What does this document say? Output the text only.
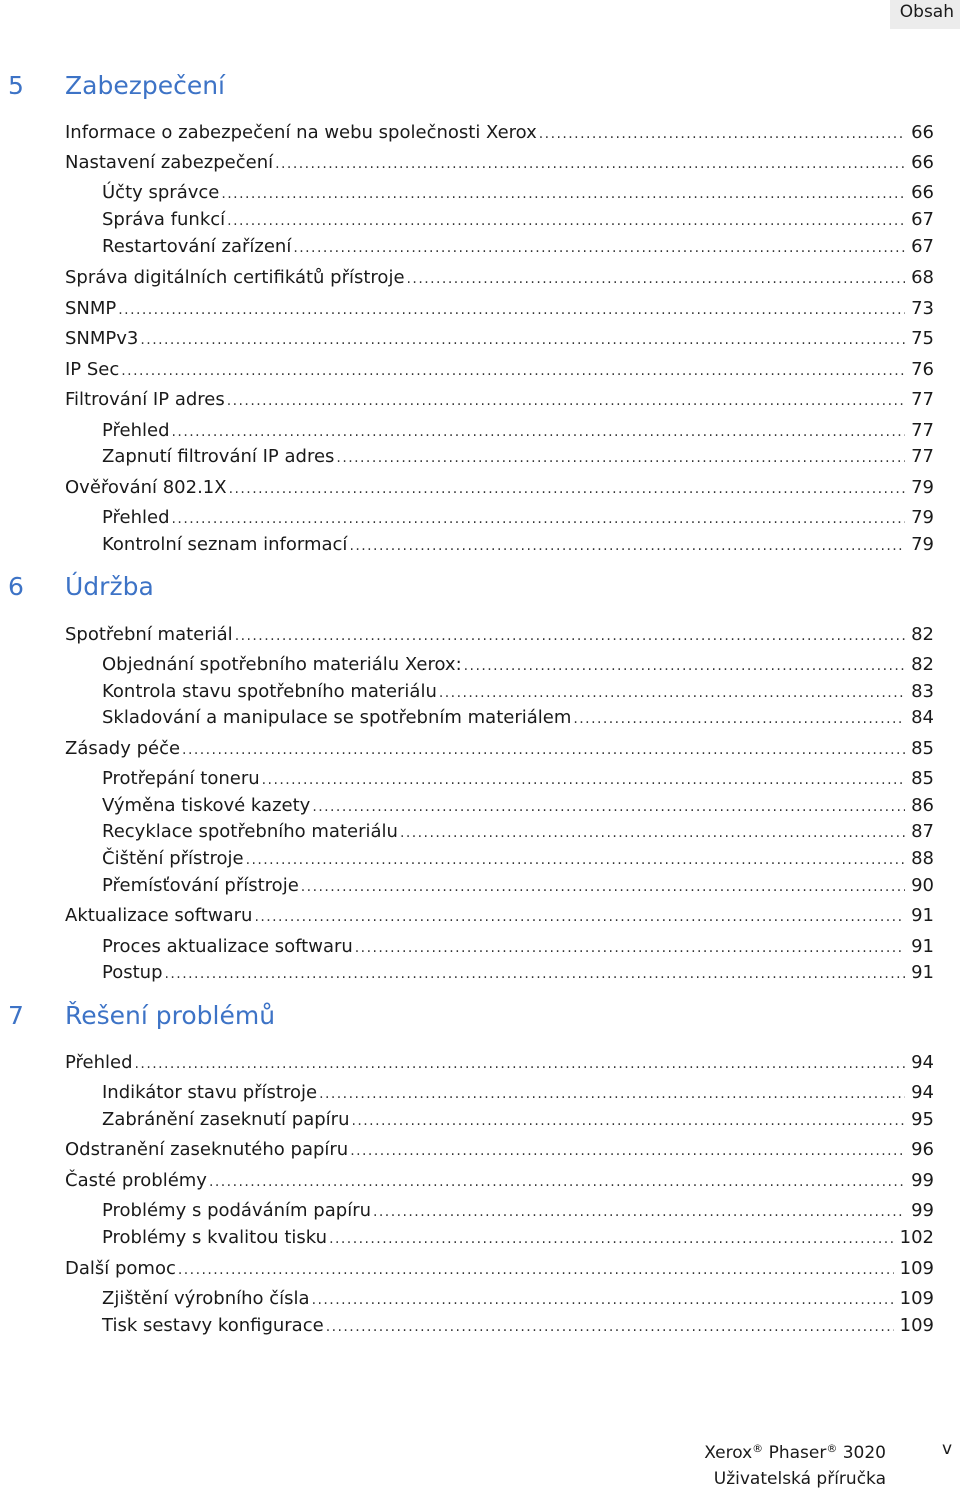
Obsah
5 Zabezpečení
Informace o zabezpečení na webu společnosti Xerox . . .	66
Nastavení zabezpečení . . .	66
Účty správce . . .	66
Správa funkcí . . .	67
Restartování zařízení . . .	67
Správa digitálních certifikátů přístroje . . .	68
SNMP . . .	73
SNMPv3 . . .	75
IP Sec . . .	76
Filtrování IP adres . . .	77
Přehled . . .	77
Zapnutí filtrování IP adres . . .	77
Ověřování 802.1X . . .	79
Přehled . . .	79
Kontrolní seznam informací . . .	79
6 Údržba
Spotřební materiál . . .	82
Objednání spotřebního materiálu Xerox: . . .	82
Kontrola stavu spotřebního materiálu . . .	83
Skladování a manipulace se spotřebním materiálem . . .	84
Zásady péče . . .	85
Protřepání toneru . . .	85
Výměna tiskové kazety . . .	86
Recyklace spotřebního materiálu . . .	87
Čištění přístroje . . .	88
Přemísťování přístroje . . .	90
Aktualizace softwaru . . .	91
Proces aktualizace softwaru . . .	91
Postup . . .	91
7 Řešení problémů
Přehled . . .	94
Indikátor stavu přístroje . . .	94
Zabránění zaseknutí papíru . . .	95
Odstranění zaseknutého papíru . . .	96
Časté problémy . . .	99
Problémy s podáváním papíru . . .	99
Problémy s kvalitou tisku . . .	102
Další pomoc . . .	109
Zjištění výrobního čísla . . .	109
Tisk sestavy konfigurace . . .	109
Xerox® Phaser® 3020
Uživatelská příručka
v
